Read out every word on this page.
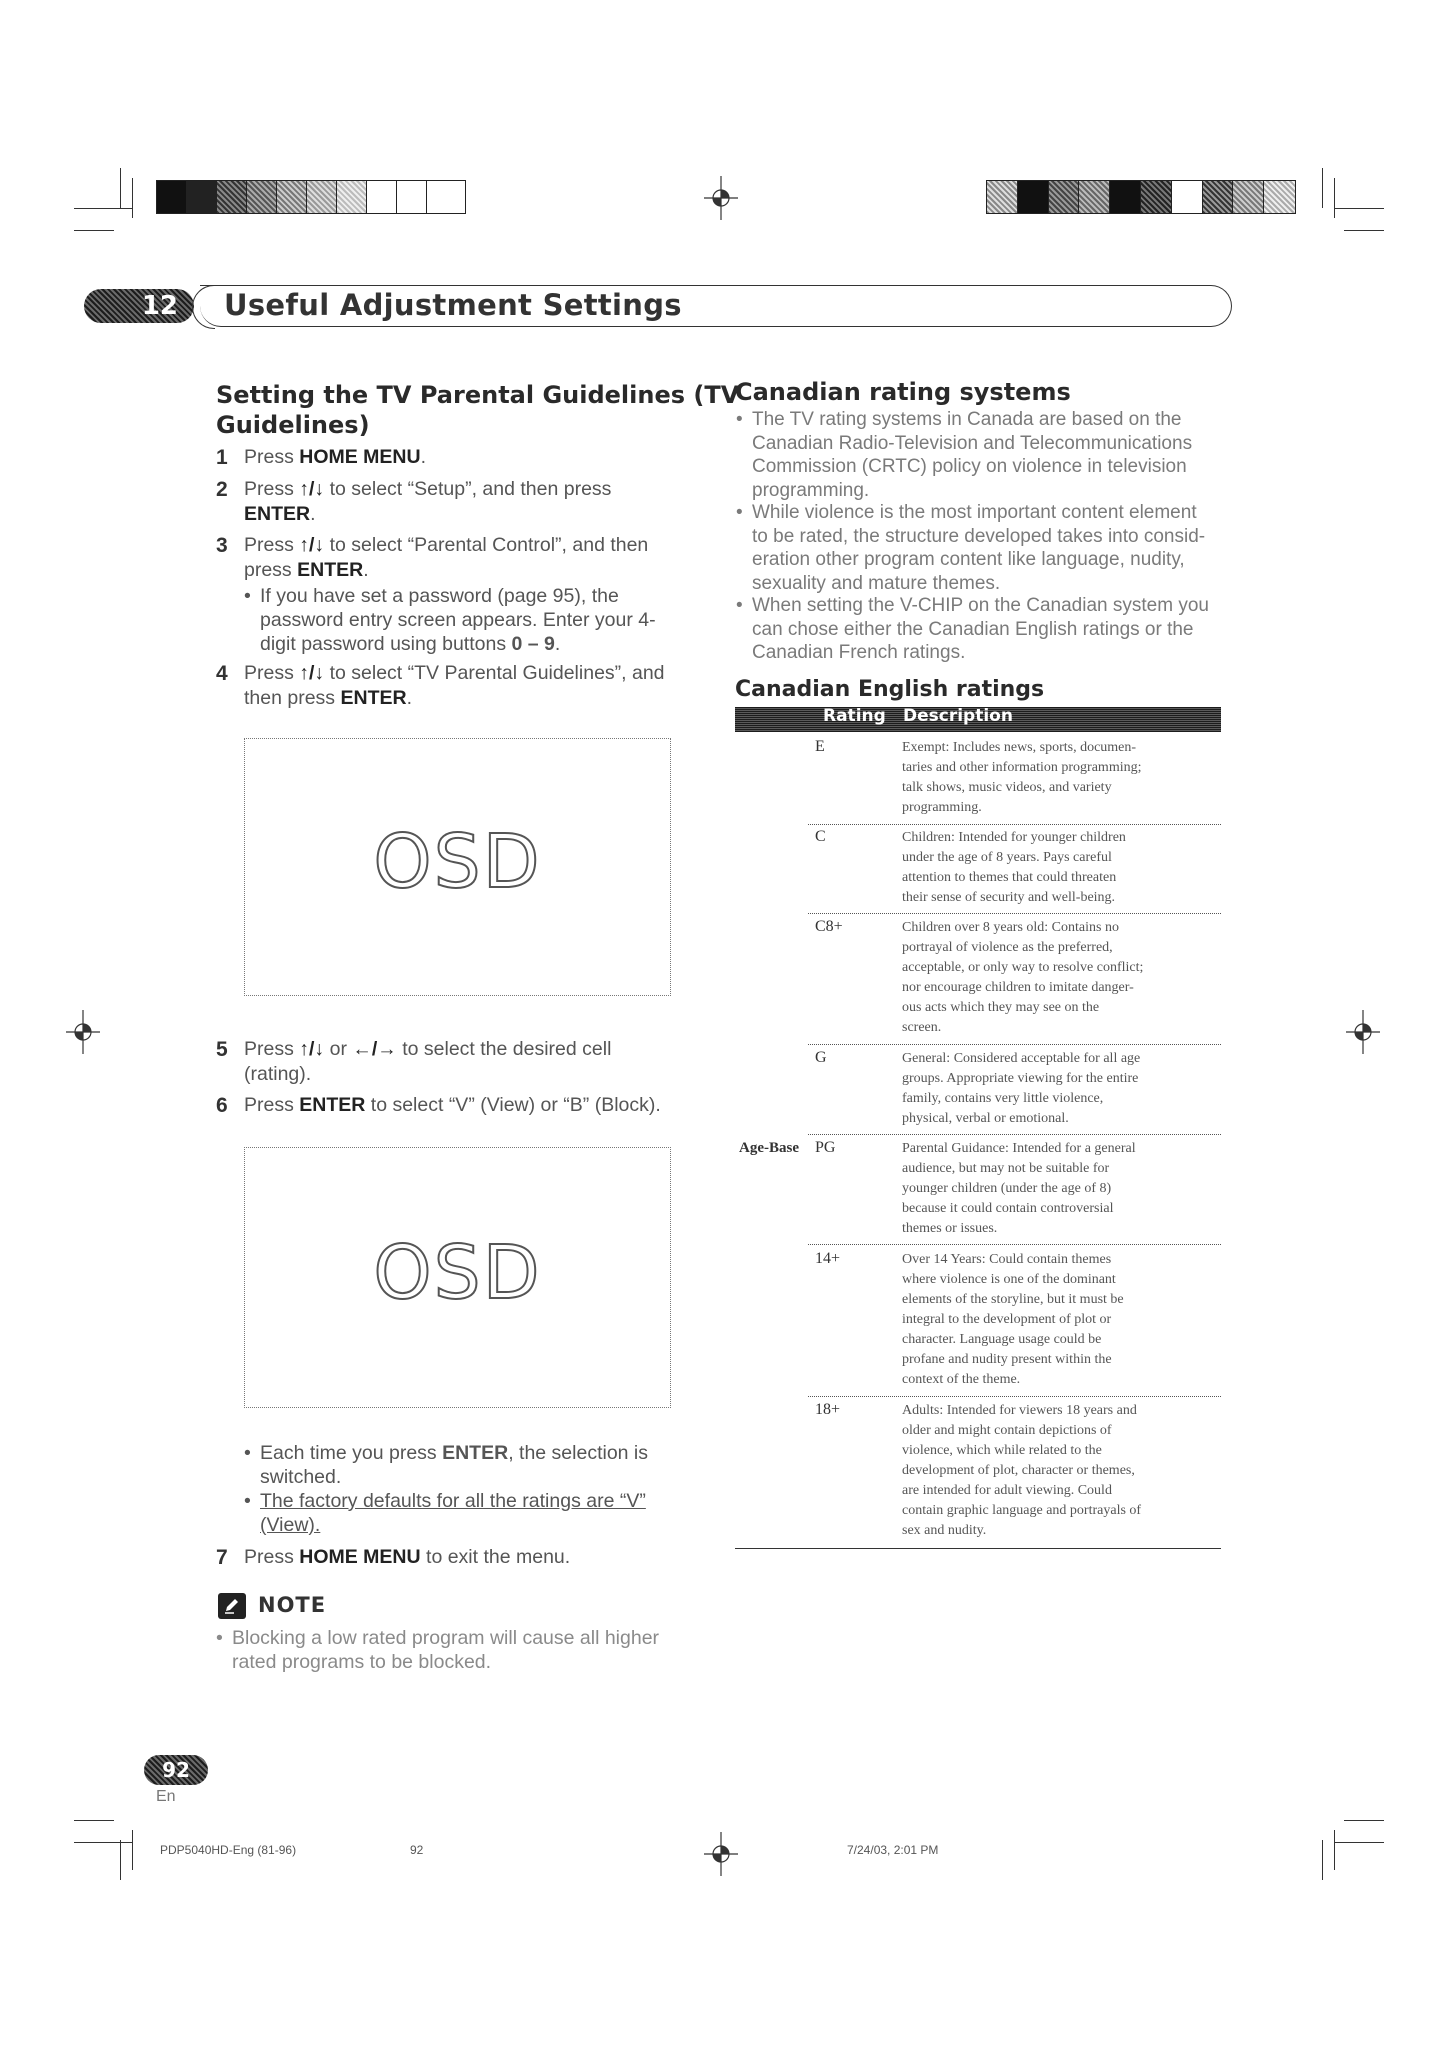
12 Useful Adjustment Settings
Setting the TV Parental Guidelines (TV
Guidelines)
1 Press HOME MENU.
2 Press ↑/↓ to select “Setup”, and then press
ENTER.
3 Press ↑/↓ to select “Parental Control”, and then
press ENTER.
• If you have set a password (page 95), the
password entry screen appears. Enter your 4-
digit password using buttons 0 – 9.
4 Press ↑/↓ to select “TV Parental Guidelines”, and
then press ENTER.
OSD
5 Press ↑/↓ or ←/→ to select the desired cell
(rating).
6 Press ENTER to select “V” (View) or “B” (Block).
OSD
• Each time you press ENTER, the selection is
switched.
• The factory defaults for all the ratings are “V”
(View).
7 Press HOME MENU to exit the menu.
NOTE
• Blocking a low rated program will cause all higher
rated programs to be blocked.
Canadian rating systems
• The TV rating systems in Canada are based on the
Canadian Radio-Television and Telecommunications
Commission (CRTC) policy on violence in television
programming.
• While violence is the most important content element
to be rated, the structure developed takes into consid-
eration other program content like language, nudity,
sexuality and mature themes.
• When setting the V-CHIP on the Canadian system you
can chose either the Canadian English ratings or the
Canadian French ratings.
Canadian English ratings
Rating Description
Age-Base
E	Exempt: Includes news, sports, documen-
taries and other information programming;
talk shows, music videos, and variety
programming.
C	Children: Intended for younger children
under the age of 8 years. Pays careful
attention to themes that could threaten
their sense of security and well-being.
C8+	Children over 8 years old: Contains no
portrayal of violence as the preferred,
acceptable, or only way to resolve conflict;
nor encourage children to imitate danger-
ous acts which they may see on the
screen.
G	General: Considered acceptable for all age
groups. Appropriate viewing for the entire
family, contains very little violence,
physical, verbal or emotional.
PG	Parental Guidance: Intended for a general
audience, but may not be suitable for
younger children (under the age of 8)
because it could contain controversial
themes or issues.
14+	Over 14 Years: Could contain themes
where violence is one of the dominant
elements of the storyline, but it must be
integral to the development of plot or
character. Language usage could be
profane and nudity present within the
context of the theme.
18+	Adults: Intended for viewers 18 years and
older and might contain depictions of
violence, which while related to the
development of plot, character or themes,
are intended for adult viewing. Could
contain graphic language and portrayals of
sex and nudity.
92
En
PDP5040HD-Eng (81-96)	92	7/24/03, 2:01 PM
